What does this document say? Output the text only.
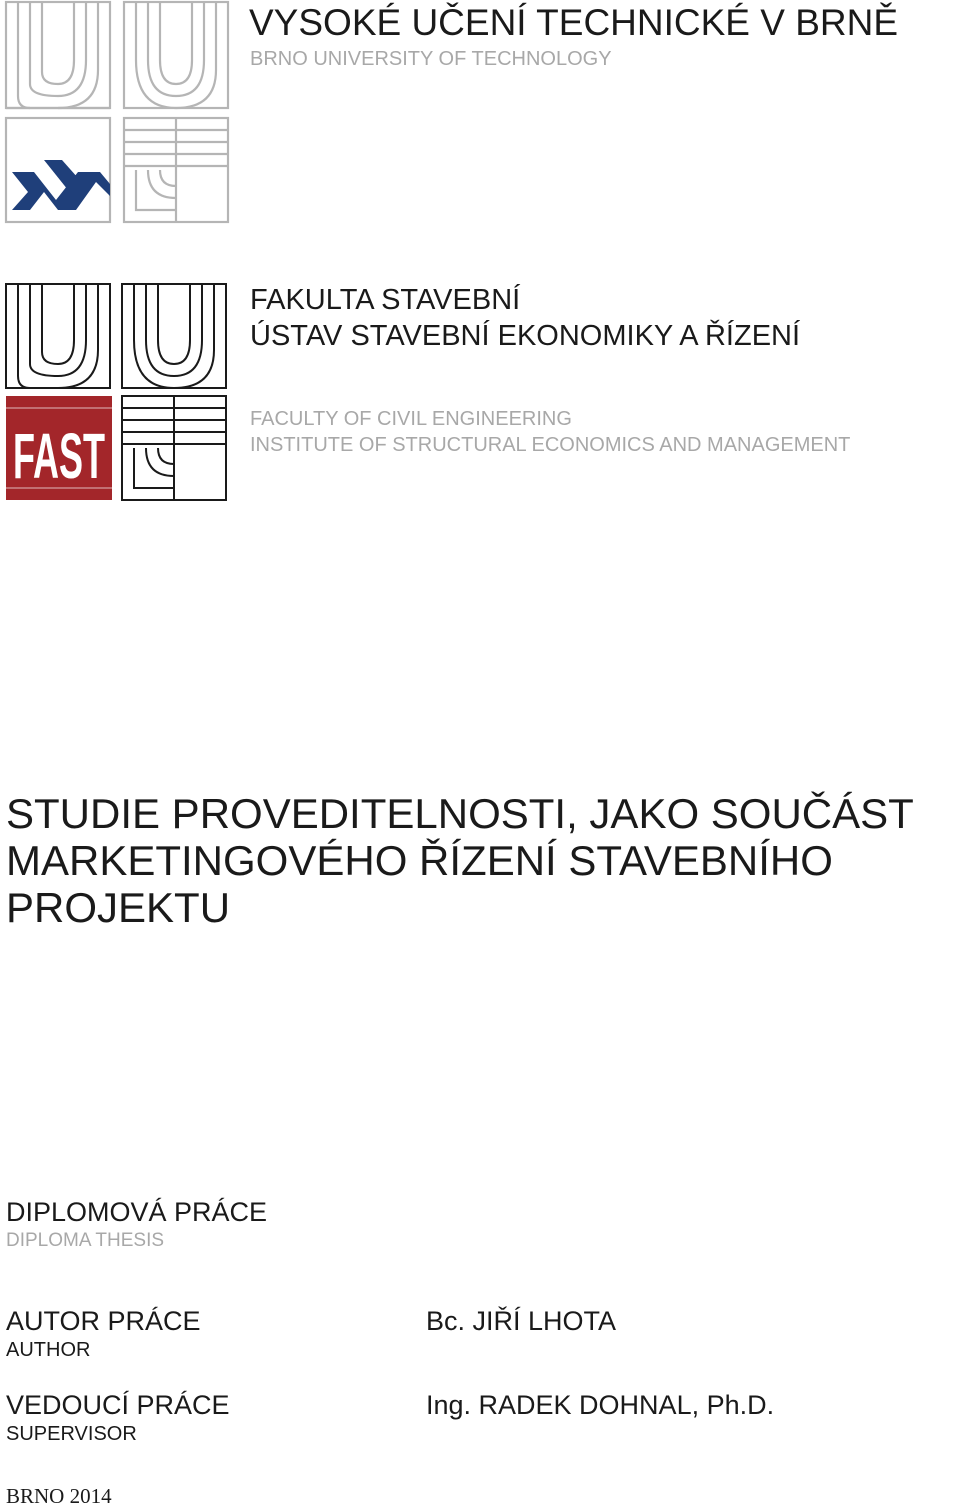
FAST
VYSOKÉ UČENÍ TECHNICKÉ V BRNĚ
BRNO UNIVERSITY OF TECHNOLOGY
FAKULTA STAVEBNÍ
ÚSTAV STAVEBNÍ EKONOMIKY A ŘÍZENÍ
FACULTY OF CIVIL ENGINEERING
INSTITUTE OF STRUCTURAL ECONOMICS AND MANAGEMENT
STUDIE PROVEDITELNOSTI, JAKO SOUČÁST
MARKETINGOVÉHO ŘÍZENÍ STAVEBNÍHO
PROJEKTU
DIPLOMOVÁ PRÁCE
DIPLOMA THESIS
AUTOR PRÁCE
AUTHOR
Bc. JIŘÍ LHOTA
VEDOUCÍ PRÁCE
SUPERVISOR
Ing. RADEK DOHNAL, Ph.D.
BRNO 2014
